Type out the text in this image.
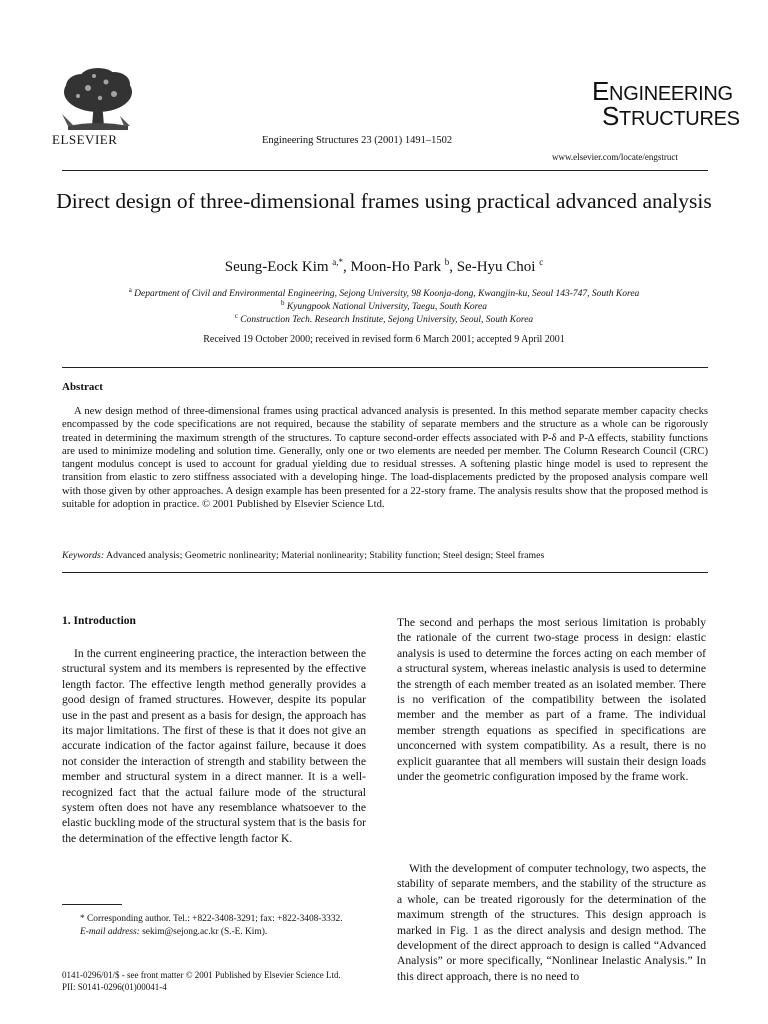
ELSEVIER	Engineering Structures 23 (2001) 1491–1502
ENGINEERING
STRUCTURES
www.elsevier.com/locate/engstruct
Direct design of three-dimensional frames using practical advanced analysis
Seung-Eock Kim $^{a,*}$, Moon-Ho Park $^b$, Se-Hyu Choi $^c$
$^a$ Department of Civil and Environmental Engineering, Sejong University, 98 Koonja-dong, Kwangjin-ku, Seoul 143-747, South Korea
$^b$ Kyungpook National University, Taegu, South Korea
$^c$ Construction Tech. Research Institute, Sejong University, Seoul, South Korea
Received 19 October 2000; received in revised form 6 March 2001; accepted 9 April 2001
Abstract
A new design method of three-dimensional frames using practical advanced analysis is presented. In this method separate member capacity checks encompassed by the code specifications are not required, because the stability of separate members and the structure as a whole can be rigorously treated in determining the maximum strength of the structures. To capture second-order effects associated with P-δ and P-Δ effects, stability functions are used to minimize modeling and solution time. Generally, only one or two elements are needed per member. The Column Research Council (CRC) tangent modulus concept is used to account for gradual yielding due to residual stresses. A softening plastic hinge model is used to represent the transition from elastic to zero stiffness associated with a developing hinge. The load-displacements predicted by the proposed analysis compare well with those given by other approaches. A design example has been presented for a 22-story frame. The analysis results show that the proposed method is suitable for adoption in practice. © 2001 Published by Elsevier Science Ltd.
Keywords: Advanced analysis; Geometric nonlinearity; Material nonlinearity; Stability function; Steel design; Steel frames
1. Introduction
In the current engineering practice, the interaction between the structural system and its members is represented by the effective length factor. The effective length method generally provides a good design of framed structures. However, despite its popular use in the past and present as a basis for design, the approach has its major limitations. The first of these is that it does not give an accurate indication of the factor against failure, because it does not consider the interaction of strength and stability between the member and structural system in a direct manner. It is a well-recognized fact that the actual failure mode of the structural system often does not have any resemblance whatsoever to the elastic buckling mode of the structural system that is the basis for the determination of the effective length factor K.
The second and perhaps the most serious limitation is probably the rationale of the current two-stage process in design: elastic analysis is used to determine the forces acting on each member of a structural system, whereas inelastic analysis is used to determine the strength of each member treated as an isolated member. There is no verification of the compatibility between the isolated member and the member as part of a frame. The individual member strength equations as specified in specifications are unconcerned with system compatibility. As a result, there is no explicit guarantee that all members will sustain their design loads under the geometric configuration imposed by the frame work.
With the development of computer technology, two aspects, the stability of separate members, and the stability of the structure as a whole, can be treated rigorously for the determination of the maximum strength of the structures. This design approach is marked in Fig. 1 as the direct analysis and design method. The development of the direct approach to design is called “Advanced Analysis” or more specifically, “Nonlinear Inelastic Analysis.” In this direct approach, there is no need to
* Corresponding author. Tel.: +822-3408-3291; fax: +822-3408-3332.
E-mail address: sekim@sejong.ac.kr (S.-E. Kim).
0141-0296/01/$ - see front matter © 2001 Published by Elsevier Science Ltd.
PII: S0141-0296(01)00041-4
